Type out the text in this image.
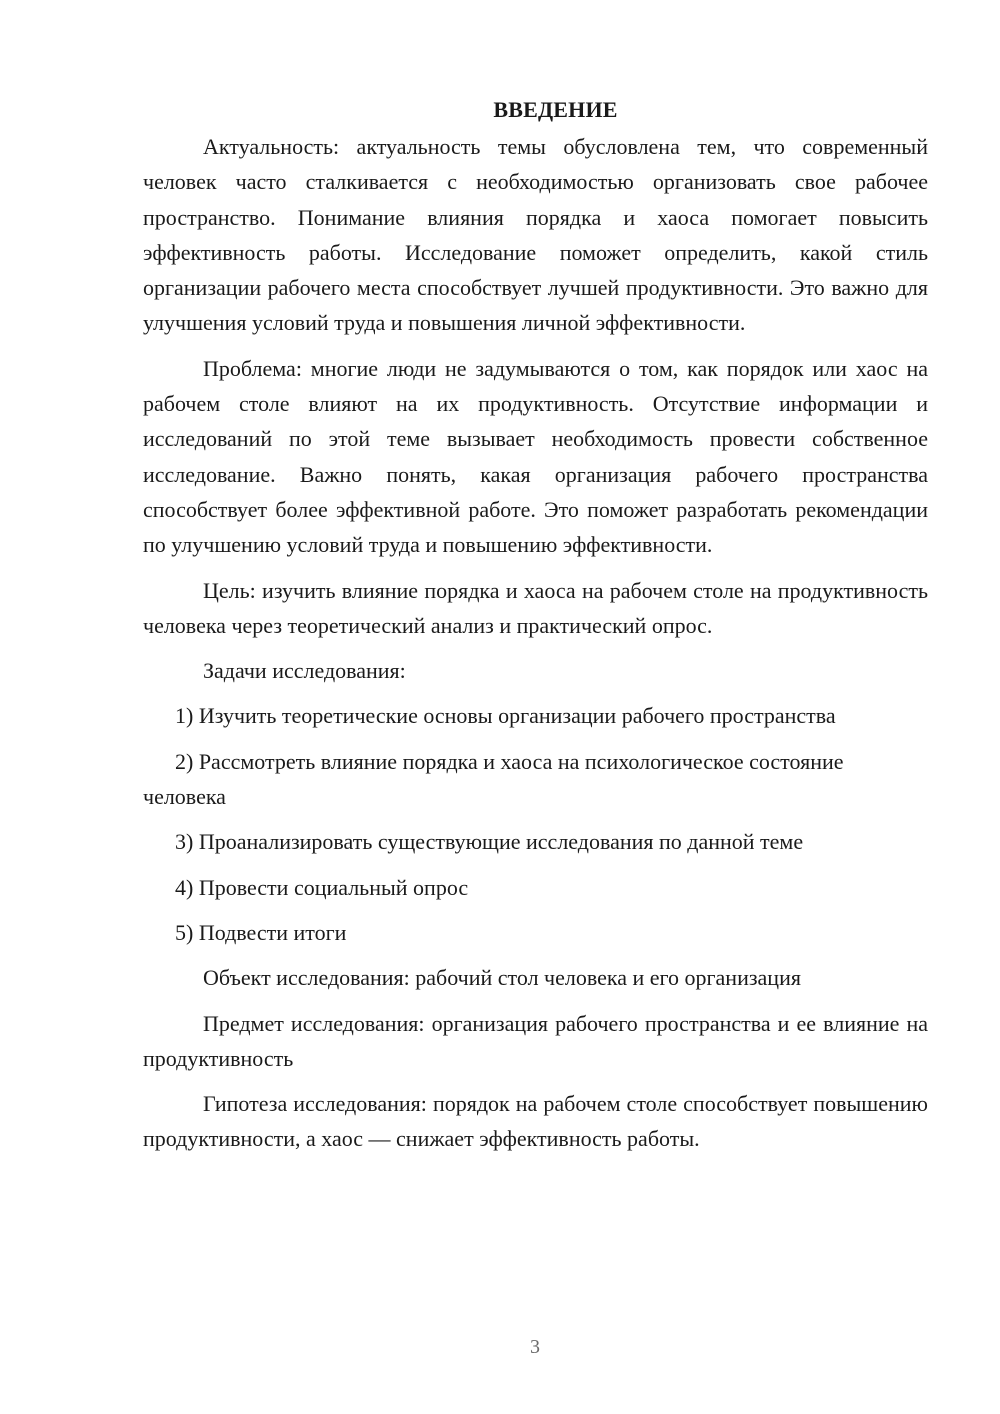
ВВЕДЕНИЕ

Актуальность: актуальность темы обусловлена тем, что современный человек часто сталкивается с необходимостью организовать свое рабочее пространство. Понимание влияния порядка и хаоса помогает повысить эффективность работы. Исследование поможет определить, какой стиль организации рабочего места способствует лучшей продуктивности. Это важно для улучшения условий труда и повышения личной эффективности.

Проблема: многие люди не задумываются о том, как порядок или хаос на рабочем столе влияют на их продуктивность. Отсутствие информации и исследований по этой теме вызывает необходимость провести собственное исследование. Важно понять, какая организация рабочего пространства способствует более эффективной работе. Это поможет разработать рекомендации по улучшению условий труда и повышению эффективности.

Цель: изучить влияние порядка и хаоса на рабочем столе на продуктивность человека через теоретический анализ и практический опрос.

Задачи исследования:

1) Изучить теоретические основы организации рабочего пространства

2) Рассмотреть влияние порядка и хаоса на психологическое состояние человека

3) Проанализировать существующие исследования по данной теме

4) Провести социальный опрос

5) Подвести итоги

Объект исследования: рабочий стол человека и его организация

Предмет исследования: организация рабочего пространства и ее влияние на продуктивность

Гипотеза исследования: порядок на рабочем столе способствует повышению продуктивности, а хаос — снижает эффективность работы.

3
